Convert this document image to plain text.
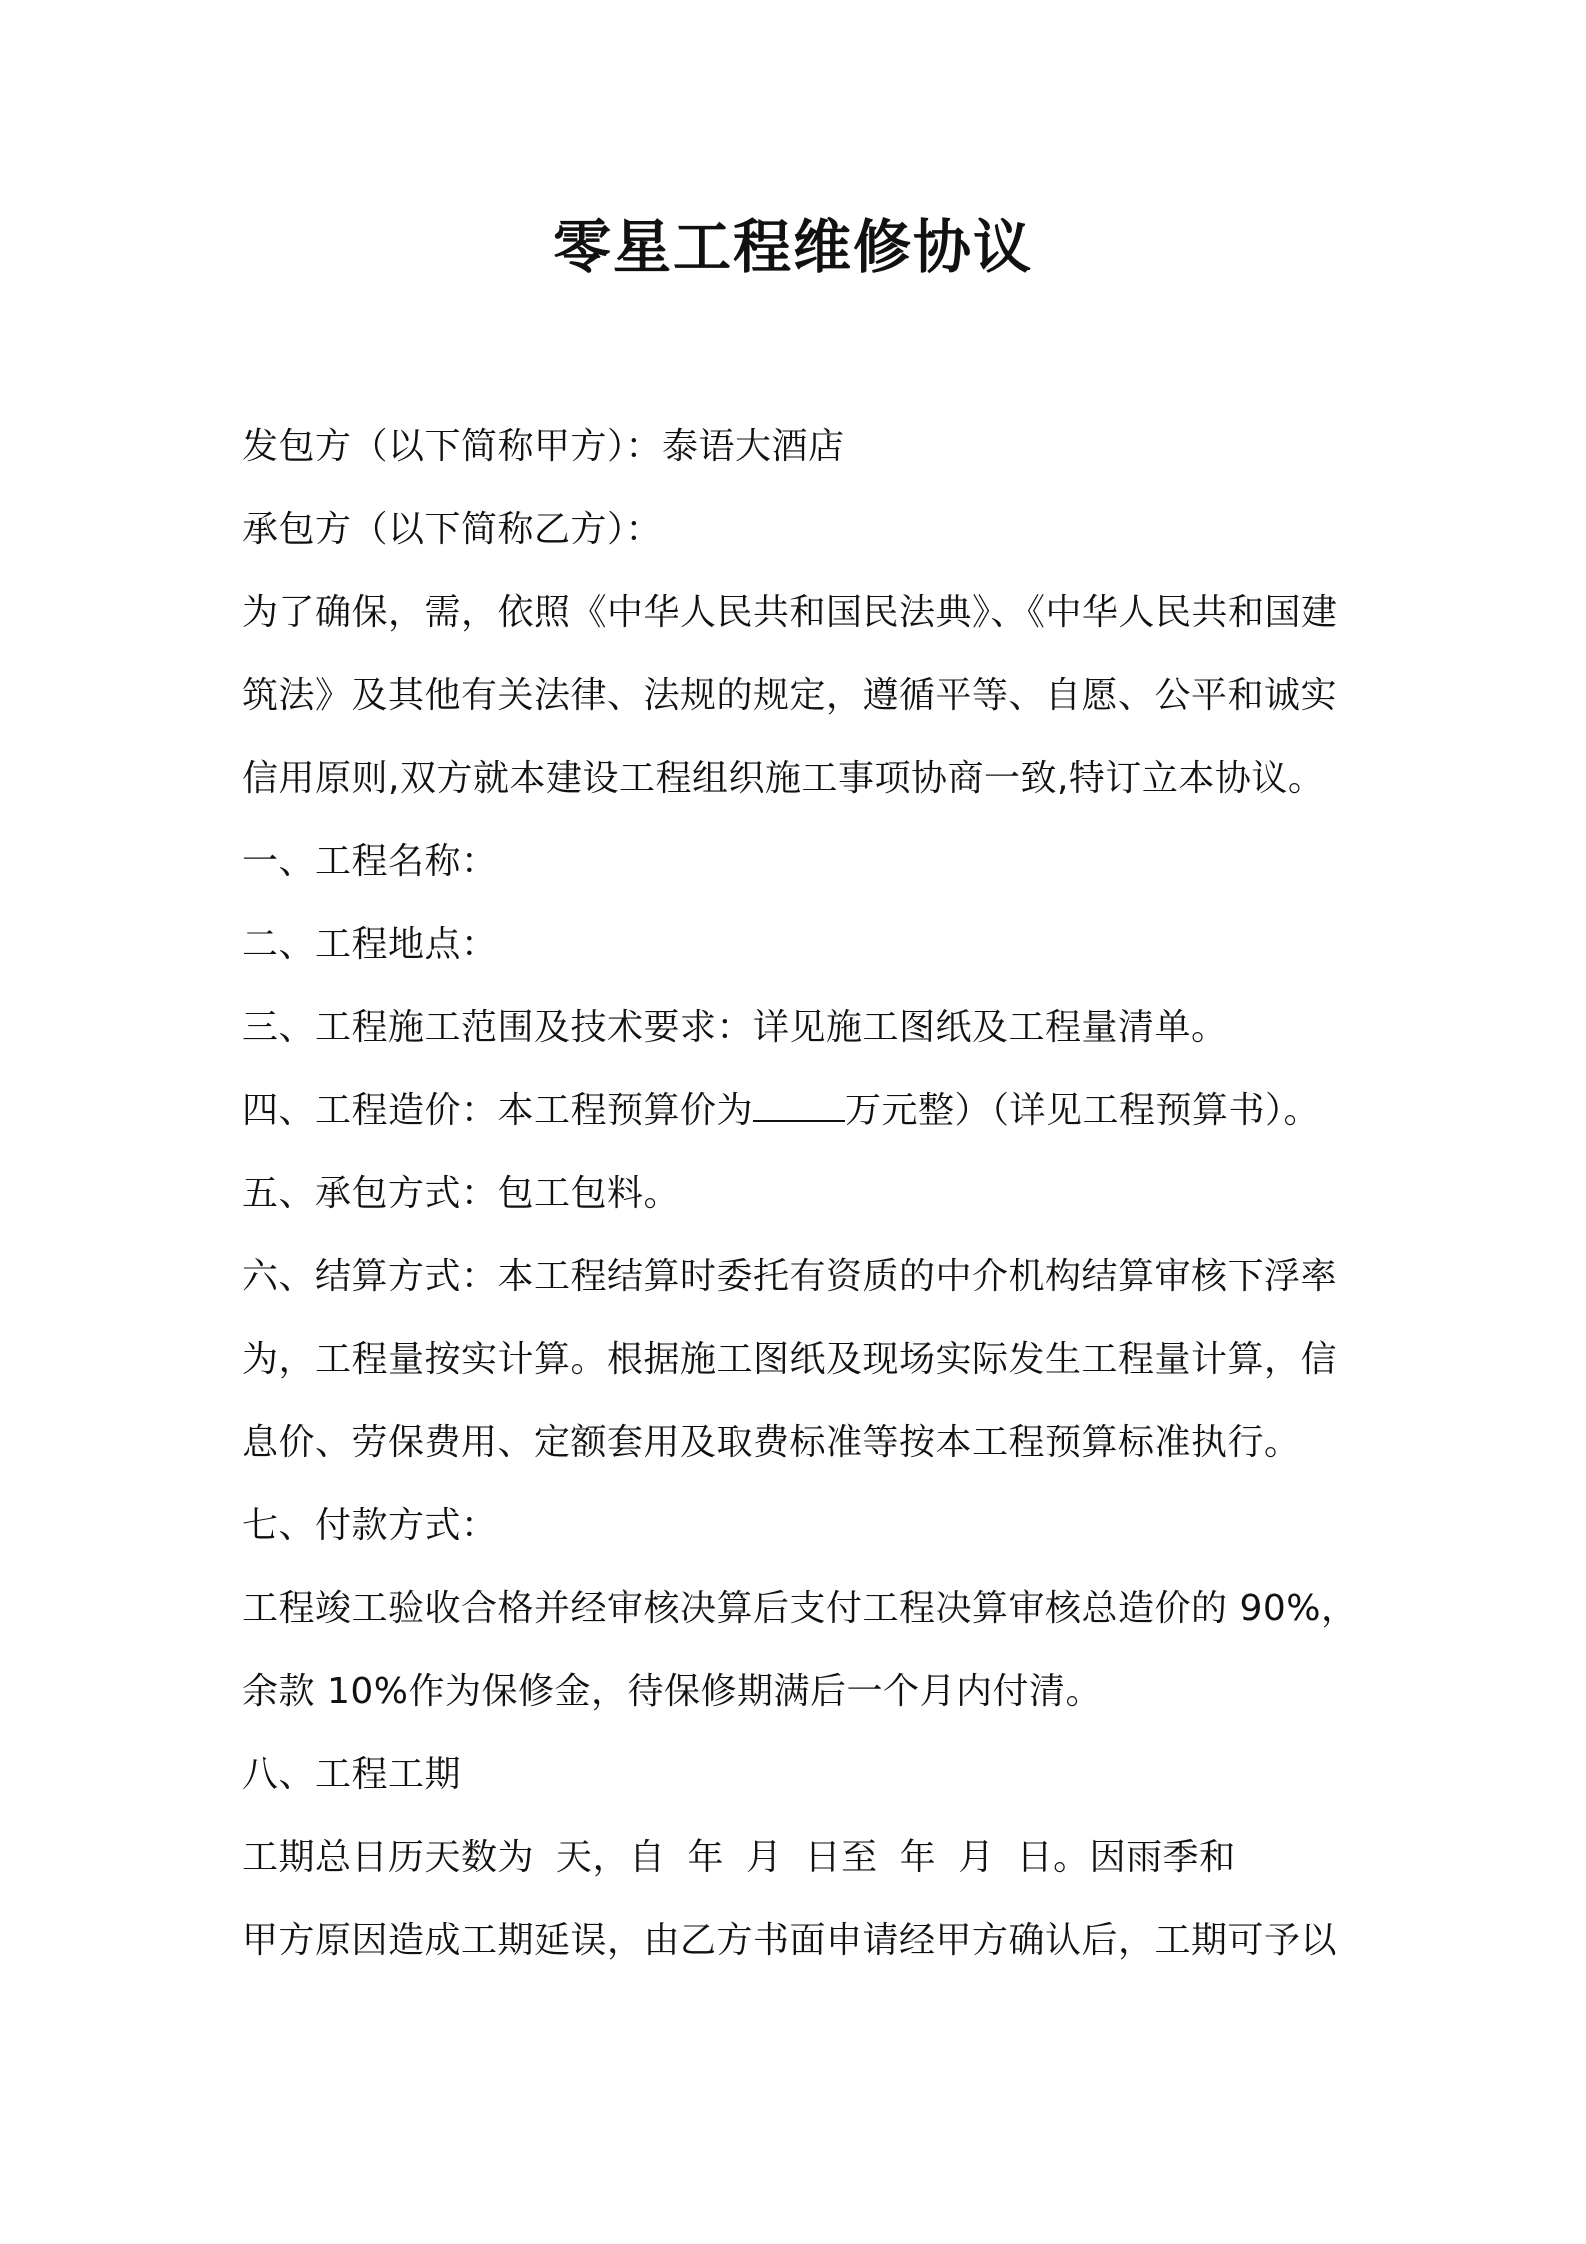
零星工程维修协议
发包方（以下简称甲方）：泰语大酒店
承包方（以下简称乙方）：
为了确保，需，依照《中华人民共和国民法典》、《中华人民共和国建
筑法》及其他有关法律、法规的规定，遵循平等、自愿、公平和诚实
信用原则,双方就本建设工程组织施工事项协商一致,特订立本协议。
一、工程名称：
二、工程地点：
三、工程施工范围及技术要求：详见施工图纸及工程量清单。
四、工程造价：本工程预算价为	万元整）（详见工程预算书）。
五、承包方式：包工包料。
六、结算方式：本工程结算时委托有资质的中介机构结算审核下浮率
为，工程量按实计算。根据施工图纸及现场实际发生工程量计算，信
息价、劳保费用、定额套用及取费标准等按本工程预算标准执行。
七、付款方式：
工程竣工验收合格并经审核决算后支付工程决算审核总造价的 90%，
余款 10%作为保修金，待保修期满后一个月内付清。
八、工程工期
工期总日历天数为 天，自 年 月 日至 年 月 日。因雨季和
甲方原因造成工期延误，由乙方书面申请经甲方确认后，工期可予以
